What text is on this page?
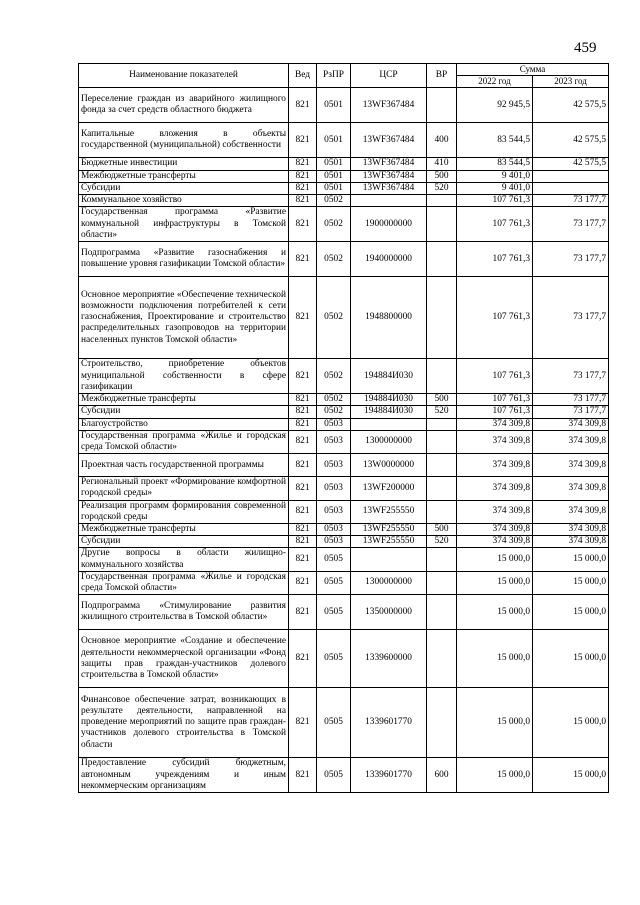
459
Наименование показателей	Вед	РзПР	ЦСР	ВР	Сумма	
					2022 год	2023 год
Переселение граждан из аварийного жилищного фонда за счет средств областного бюджета	821	0501	13WF367484		92 945,5	42 575,5
Капитальные вложения в объекты государственной (муниципальной) собственности	821	0501	13WF367484	400	83 544,5	42 575,5
Бюджетные инвестиции	821	0501	13WF367484	410	83 544,5	42 575,5
Межбюджетные трансферты	821	0501	13WF367484	500	9 401,0	
Субсидии	821	0501	13WF367484	520	9 401,0	
Коммунальное хозяйство	821	0502			107 761,3	73 177,7
Государственная программа «Развитие коммунальной инфраструктуры в Томской области»	821	0502	1900000000		107 761,3	73 177,7
Подпрограмма «Развитие газоснабжения и повышение уровня газификации Томской области»	821	0502	1940000000		107 761,3	73 177,7
Основное мероприятие «Обеспечение технической возможности подключения потребителей к сети газоснабжения, Проектирование и строительство распределительных газопроводов на территории населенных пунктов Томской области»	821	0502	1948800000		107 761,3	73 177,7
Строительство, приобретение объектов муниципальной собственности в сфере газификации	821	0502	194884И030		107 761,3	73 177,7
Межбюджетные трансферты	821	0502	194884И030	500	107 761,3	73 177,7
Субсидии	821	0502	194884И030	520	107 761,3	73 177,7
Благоустройство	821	0503			374 309,8	374 309,8
Государственная программа «Жилье и городская среда Томской области»	821	0503	1300000000		374 309,8	374 309,8
Проектная часть государственной программы	821	0503	13W0000000		374 309,8	374 309,8
Региональный проект «Формирование комфортной городской среды»	821	0503	13WF200000		374 309,8	374 309,8
Реализация программ формирования современной городской среды	821	0503	13WF255550		374 309,8	374 309,8
Межбюджетные трансферты	821	0503	13WF255550	500	374 309,8	374 309,8
Субсидии	821	0503	13WF255550	520	374 309,8	374 309,8
Другие вопросы в области жилищно-коммунального хозяйства	821	0505			15 000,0	15 000,0
Государственная программа «Жилье и городская среда Томской области»	821	0505	1300000000		15 000,0	15 000,0
Подпрограмма «Стимулирование развития жилищного строительства в Томской области»	821	0505	1350000000		15 000,0	15 000,0
Основное мероприятие «Создание и обеспечение деятельности некоммерческой организации «Фонд защиты прав граждан-участников долевого строительства в Томской области»	821	0505	1339600000		15 000,0	15 000,0
Финансовое обеспечение затрат, возникающих в результате деятельности, направленной на проведение мероприятий по защите прав граждан-участников долевого строительства в Томской области	821	0505	1339601770		15 000,0	15 000,0
Предоставление субсидий бюджетным, автономным учреждениям и иным некоммерческим организациям	821	0505	1339601770	600	15 000,0	15 000,0
